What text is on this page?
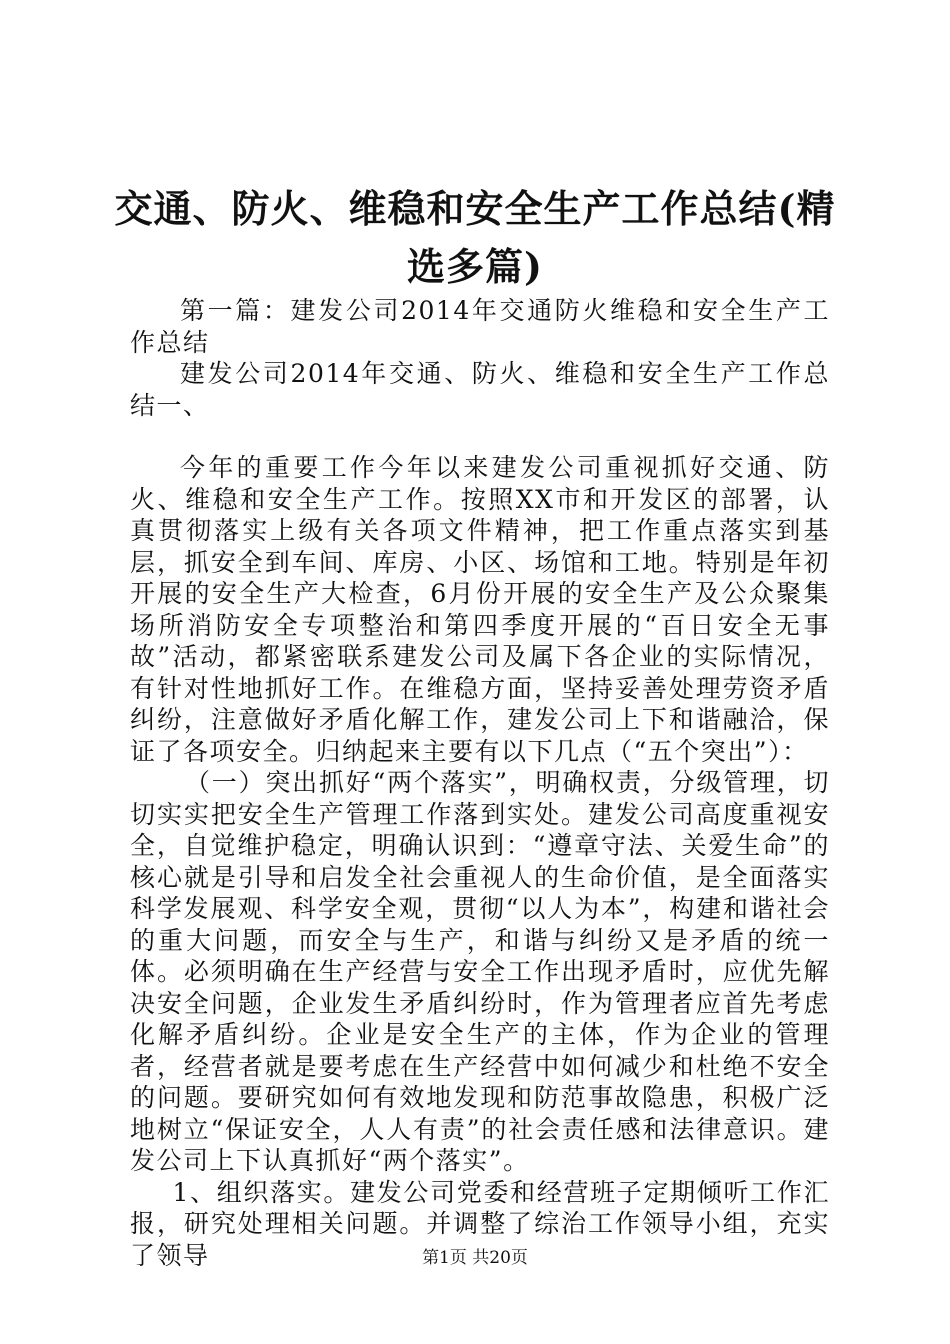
交通、防火、维稳和安全生产工作总结(精选多篇)

第一篇：建发公司2014年交通防火维稳和安全生产工作总结

建发公司2014年交通、防火、维稳和安全生产工作总结一、

今年的重要工作今年以来建发公司重视抓好交通、防火、维稳和安全生产工作。按照XX市和开发区的部署，认真贯彻落实上级有关各项文件精神，把工作重点落实到基层，抓安全到车间、库房、小区、场馆和工地。特别是年初开展的安全生产大检查，6月份开展的安全生产及公众聚集场所消防安全专项整治和第四季度开展的“百日安全无事故”活动，都紧密联系建发公司及属下各企业的实际情况，有针对性地抓好工作。在维稳方面，坚持妥善处理劳资矛盾纠纷，注意做好矛盾化解工作，建发公司上下和谐融洽，保证了各项安全。归纳起来主要有以下几点（“五个突出”）：

（一）突出抓好“两个落实”，明确权责，分级管理，切切实实把安全生产管理工作落到实处。建发公司高度重视安全，自觉维护稳定，明确认识到：“遵章守法、关爱生命”的核心就是引导和启发全社会重视人的生命价值，是全面落实科学发展观、科学安全观，贯彻“以人为本”，构建和谐社会的重大问题，而安全与生产，和谐与纠纷又是矛盾的统一体。必须明确在生产经营与安全工作出现矛盾时，应优先解决安全问题，企业发生矛盾纠纷时，作为管理者应首先考虑化解矛盾纠纷。企业是安全生产的主体，作为企业的管理者，经营者就是要考虑在生产经营中如何减少和杜绝不安全的问题。要研究如何有效地发现和防范事故隐患，积极广泛地树立“保证安全，人人有责”的社会责任感和法律意识。建发公司上下认真抓好“两个落实”。

1、组织落实。建发公司党委和经营班子定期倾听工作汇报，研究处理相关问题。并调整了综治工作领导小组，充实了领导	第1页 共20页
